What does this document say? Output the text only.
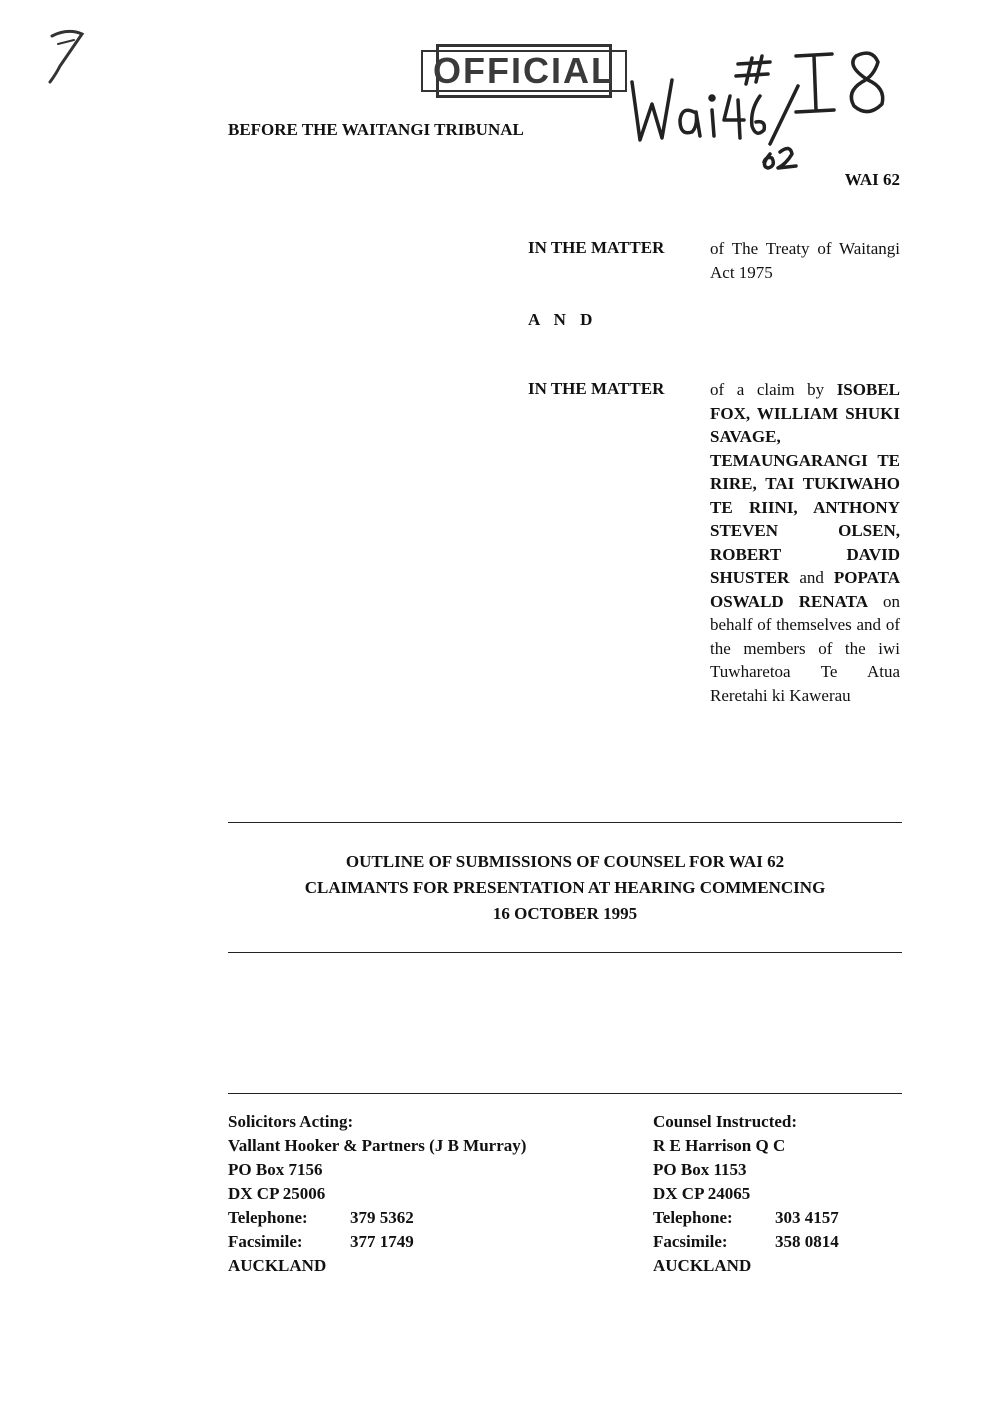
OFFICIAL
BEFORE THE WAITANGI TRIBUNAL
WAI 62
IN THE MATTER	of The Treaty of Waitangi Act 1975
A N D
IN THE MATTER	of a claim by ISOBEL FOX, WILLIAM SHUKI SAVAGE, TEMAUNGARANGI TE RIRE, TAI TUKIWAHO TE RIINI, ANTHONY STEVEN OLSEN, ROBERT DAVID SHUSTER and POPATA OSWALD RENATA on behalf of themselves and of the members of the iwi Tuwharetoa Te Atua Reretahi ki Kawerau
OUTLINE OF SUBMISSIONS OF COUNSEL FOR WAI 62
CLAIMANTS FOR PRESENTATION AT HEARING COMMENCING
16 OCTOBER 1995
Solicitors Acting:
Vallant Hooker & Partners (J B Murray)
PO Box 7156
DX CP 25006
Telephone: 379 5362
Facsimile:	377 1749
AUCKLAND
Counsel Instructed:
R E Harrison Q C
PO Box 1153
DX CP 24065
Telephone: 303 4157
Facsimile:	358 0814
AUCKLAND
